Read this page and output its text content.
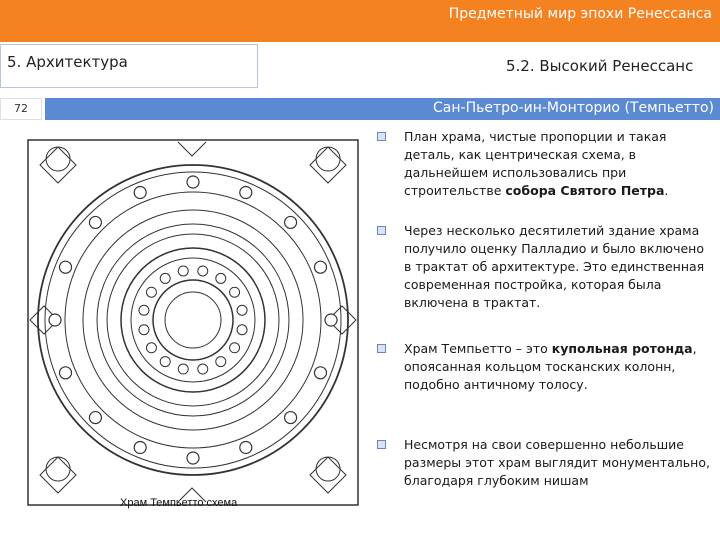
Предметный мир эпохи Ренессанса
5. Архитектура	5.2. Высокий Ренессанс
72	Сан-Пьетро-ин-Монторио (Темпьетто)
Храм Темпьетто схема
План храма, чистые пропорции и такая деталь, как центрическая схема, в дальнейшем использовались при строительстве собора Святого Петра.
Через несколько десятилетий здание храма получило оценку Палладио и было включено в трактат об архитектуре. Это единственная современная постройка, которая была включена в трактат.
Храм Темпьетто – это купольная ротонда, опоясанная кольцом тосканских колонн, подобно античному толосу.
Несмотря на свои совершенно небольшие размеры этот храм выглядит монументально, благодаря глубоким нишам
